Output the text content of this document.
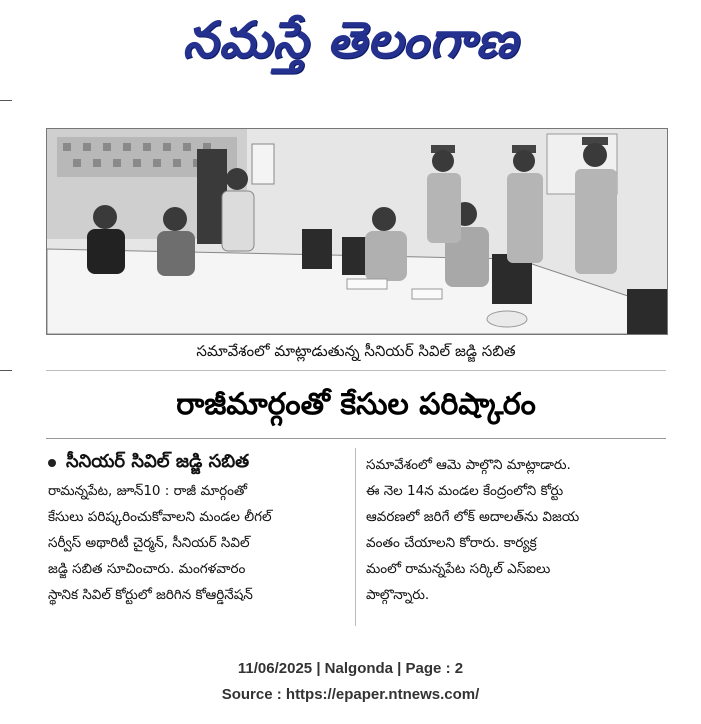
నమస్తే తెలంగాణ
సమావేశంలో మాట్లాడుతున్న సీనియర్ సివిల్ జడ్జి సబిత
రాజీమార్గంతో కేసుల పరిష్కారం
సీనియర్ సివిల్ జడ్జి సబిత

రామన్నపేట, జూన్10 : రాజీ మార్గంతో

కేసులు పరిష్కరించుకోవాలని మండల లీగల్

సర్వీస్ అథారిటీ చైర్మన్, సీనియర్ సివిల్

జడ్జి సబిత సూచించారు. మంగళవారం

స్థానిక సివిల్ కోర్టులో జరిగిన కోఆర్డినేషన్

సమావేశంలో ఆమె పాల్గొని మాట్లాడారు.

ఈ నెల 14న మండల కేంద్రంలోని కోర్టు

ఆవరణలో జరిగే లోక్ అదాలత్‌ను విజయ

వంతం చేయాలని కోరారు. కార్యక్ర

మంలో రామన్నపేట సర్కిల్ ఎస్ఐలు

పాల్గొన్నారు.

11/06/2025 | Nalgonda | Page : 2
Source : https://epaper.ntnews.com/
